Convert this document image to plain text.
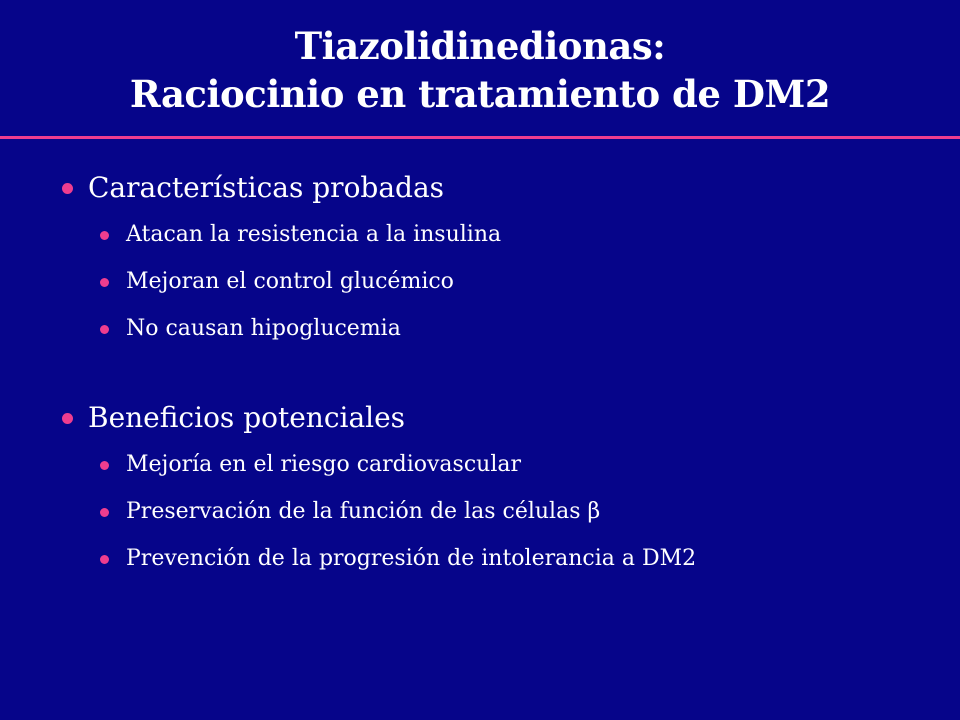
Tiazolidinedionas:
Raciocinio en tratamiento de DM2
Características probadas
Atacan la resistencia a la insulina
Mejoran el control glucémico
No causan hipoglucemia
Beneficios potenciales
Mejoría en el riesgo cardiovascular
Preservación de la función de las células β
Prevención de la progresión de intolerancia a DM2
